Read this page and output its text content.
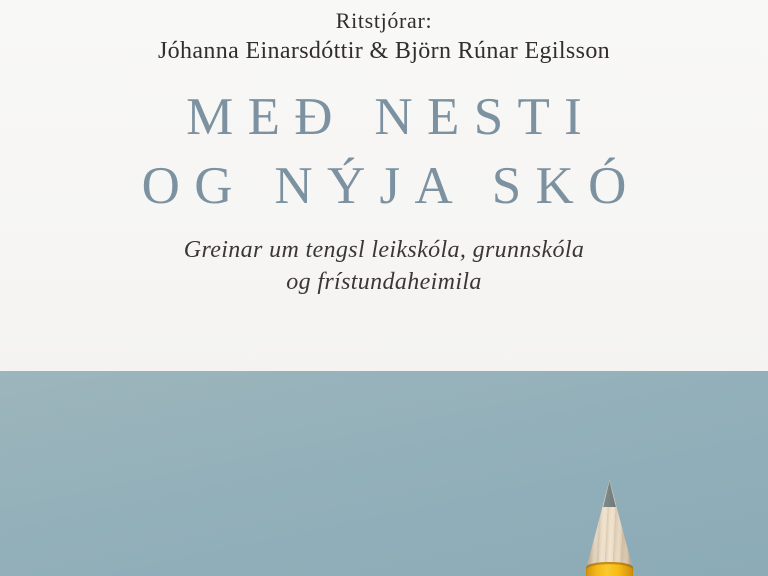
Ritstjórar:
Jóhanna Einarsdóttir & Björn Rúnar Egilsson
MEÐ NESTI
OG NÝJA SKÓ
Greinar um tengsl leikskóla, grunnskóla
og frístundaheimila
